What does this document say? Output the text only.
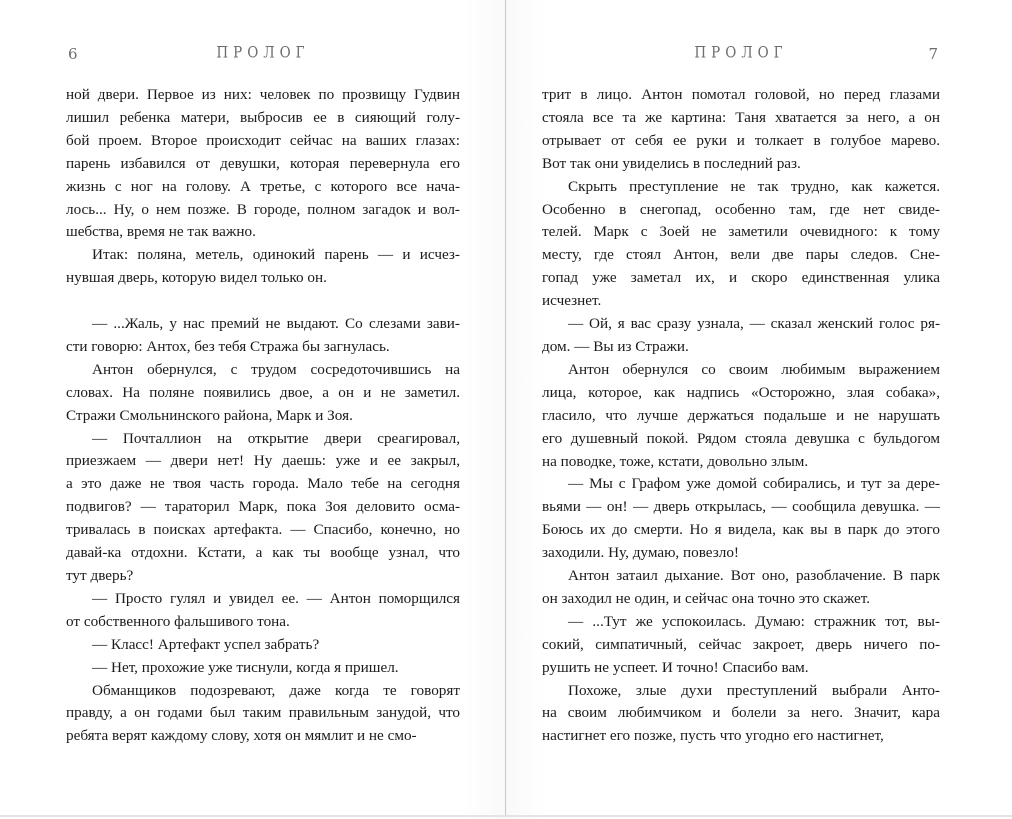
6	ПРОЛОГ
ной двери. Первое из них: человек по прозвищу Гудвин
лишил ребенка матери, выбросив ее в сияющий голу-
бой проем. Второе происходит сейчас на ваших глазах:
парень избавился от девушки, которая перевернула его
жизнь с ног на голову. А третье, с которого все нача-
лось... Ну, о нем позже. В городе, полном загадок и вол-
шебства, время не так важно.
Итак: поляна, метель, одинокий парень — и исчез-
нувшая дверь, которую видел только он.
— ...Жаль, у нас премий не выдают. Со слезами зави-
сти говорю: Антох, без тебя Стража бы загнулась.
Антон обернулся, с трудом сосредоточившись на
словах. На поляне появились двое, а он и не заметил.
Стражи Смольнинского района, Марк и Зоя.
— Почталлион на открытие двери среагировал,
приезжаем — двери нет! Ну даешь: уже и ее закрыл,
а это даже не твоя часть города. Мало тебе на сегодня
подвигов? — тараторил Марк, пока Зоя деловито осма-
тривалась в поисках артефакта. — Спасибо, конечно, но
давай-ка отдохни. Кстати, а как ты вообще узнал, что
тут дверь?
— Просто гулял и увидел ее. — Антон поморщился
от собственного фальшивого тона.
— Класс! Артефакт успел забрать?
— Нет, прохожие уже тиснули, когда я пришел.
Обманщиков подозревают, даже когда те говорят
правду, а он годами был таким правильным занудой, что
ребята верят каждому слову, хотя он мямлит и не смо-
ПРОЛОГ	7
трит в лицо. Антон помотал головой, но перед глазами
стояла все та же картина: Таня хватается за него, а он
отрывает от себя ее руки и толкает в голубое марево.
Вот так они увиделись в последний раз.
Скрыть преступление не так трудно, как кажется.
Особенно в снегопад, особенно там, где нет свиде-
телей. Марк с Зоей не заметили очевидного: к тому
месту, где стоял Антон, вели две пары следов. Сне-
гопад уже заметал их, и скоро единственная улика
исчезнет.
— Ой, я вас сразу узнала, — сказал женский голос ря-
дом. — Вы из Стражи.
Антон обернулся со своим любимым выражением
лица, которое, как надпись «Осторожно, злая собака»,
гласило, что лучше держаться подальше и не нарушать
его душевный покой. Рядом стояла девушка с бульдогом
на поводке, тоже, кстати, довольно злым.
— Мы с Графом уже домой собирались, и тут за дере-
вьями — он! — дверь открылась, — сообщила девушка. —
Боюсь их до смерти. Но я видела, как вы в парк до этого
заходили. Ну, думаю, повезло!
Антон затаил дыхание. Вот оно, разоблачение. В парк
он заходил не один, и сейчас она точно это скажет.
— ...Тут же успокоилась. Думаю: стражник тот, вы-
сокий, симпатичный, сейчас закроет, дверь ничего по-
рушить не успеет. И точно! Спасибо вам.
Похоже, злые духи преступлений выбрали Анто-
на своим любимчиком и болели за него. Значит, кара
настигнет его позже, пусть что угодно его настигнет,
